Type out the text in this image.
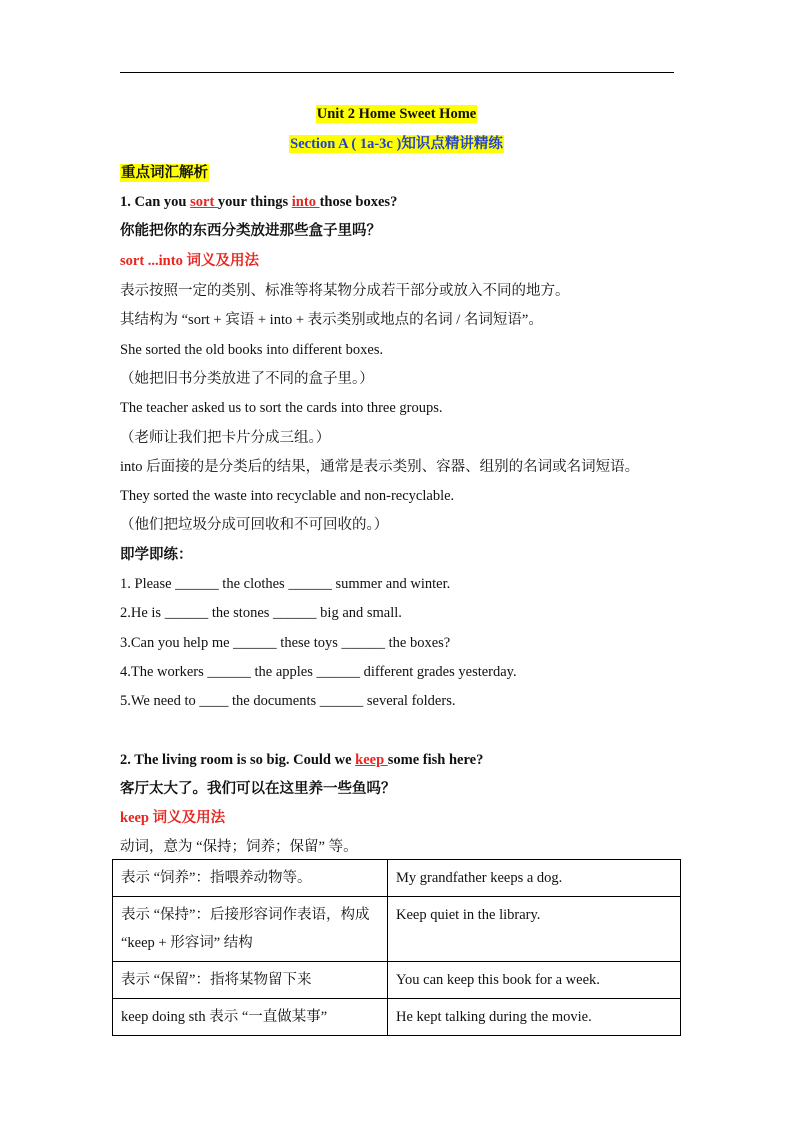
Unit 2 Home Sweet Home
Section A ( 1a-3c )知识点精讲精练
重点词汇解析
1. Can you sort your things into those boxes?
你能把你的东西分类放进那些盒子里吗？
sort ...into 词义及用法
表示按照一定的类别、标准等将某物分成若干部分或放入不同的地方。
其结构为 “sort + 宾语 + into + 表示类别或地点的名词 / 名词短语”。
She sorted the old books into different boxes.
（她把旧书分类放进了不同的盒子里。）
The teacher asked us to sort the cards into three groups.
（老师让我们把卡片分成三组。）
into 后面接的是分类后的结果，通常是表示类别、容器、组别的名词或名词短语。
They sorted the waste into recyclable and non-recyclable.
（他们把垃圾分成可回收和不可回收的。）
即学即练：
1. Please ______ the clothes ______ summer and winter.
2.He is ______ the stones ______ big and small.
3.Can you help me ______ these toys ______ the boxes?
4.The workers ______ the apples ______ different grades yesterday.
5.We need to ____ the documents ______ several folders.
2. The living room is so big. Could we keep some fish here?
客厅太大了。我们可以在这里养一些鱼吗？
keep 词义及用法
动词，意为 “保持；饲养；保留” 等。
表示 “饲养”：指喂养动物等。	My grandfather keeps a dog.
表示 “保持”：后接形容词作表语，构成 “keep + 形容词” 结构	Keep quiet in the library.
表示 “保留”：指将某物留下来	You can keep this book for a week.
keep doing sth 表示 “一直做某事”	He kept talking during the movie.
